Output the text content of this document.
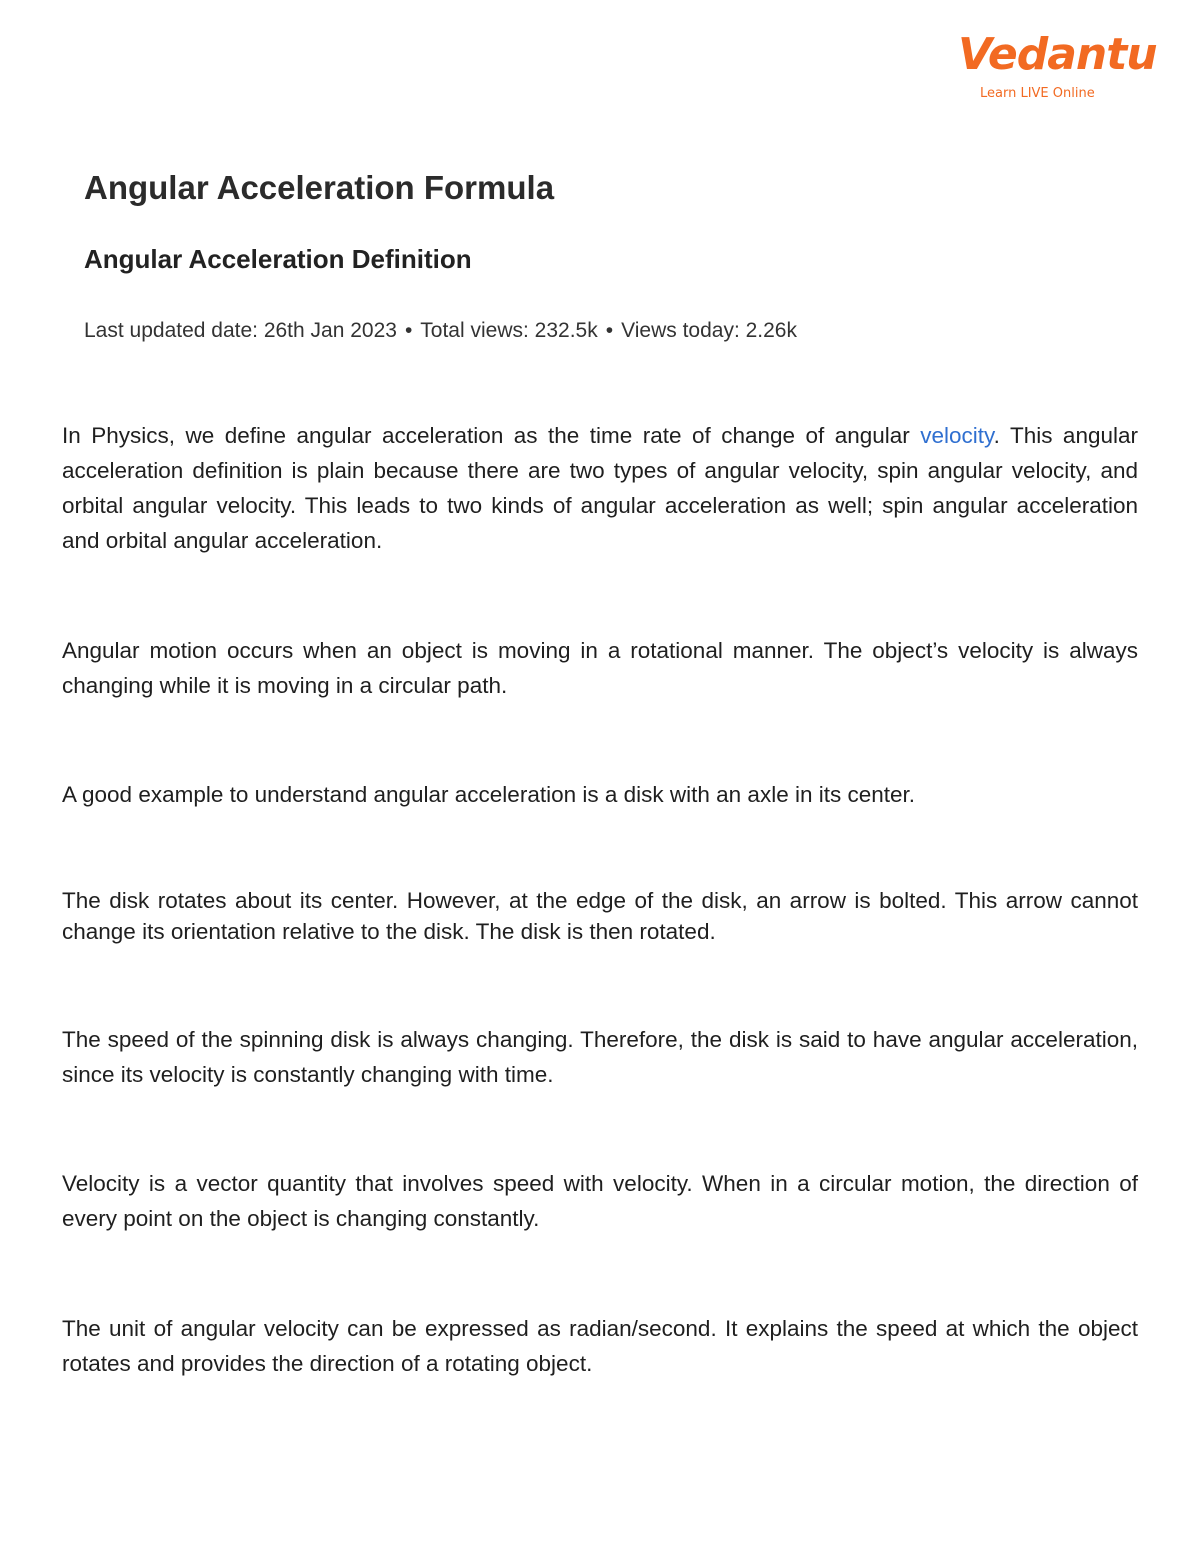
Vedantu
Learn LIVE Online
Angular Acceleration Formula
Angular Acceleration Definition
Last updated date: 26th Jan 2023 • Total views: 232.5k • Views today: 2.26k

In Physics, we define angular acceleration as the time rate of change of angular velocity. This angular acceleration definition is plain because there are two types of angular velocity, spin angular velocity, and orbital angular velocity. This leads to two kinds of angular acceleration as well; spin angular acceleration and orbital angular acceleration.

Angular motion occurs when an object is moving in a rotational manner. The object’s velocity is always changing while it is moving in a circular path.

A good example to understand angular acceleration is a disk with an axle in its center.

The disk rotates about its center. However, at the edge of the disk, an arrow is bolted. This arrow cannot change its orientation relative to the disk. The disk is then rotated.

The speed of the spinning disk is always changing. Therefore, the disk is said to have angular acceleration, since its velocity is constantly changing with time.

Velocity is a vector quantity that involves speed with velocity. When in a circular motion, the direction of every point on the object is changing constantly.

The unit of angular velocity can be expressed as radian/second. It explains the speed at which the object rotates and provides the direction of a rotating object.
